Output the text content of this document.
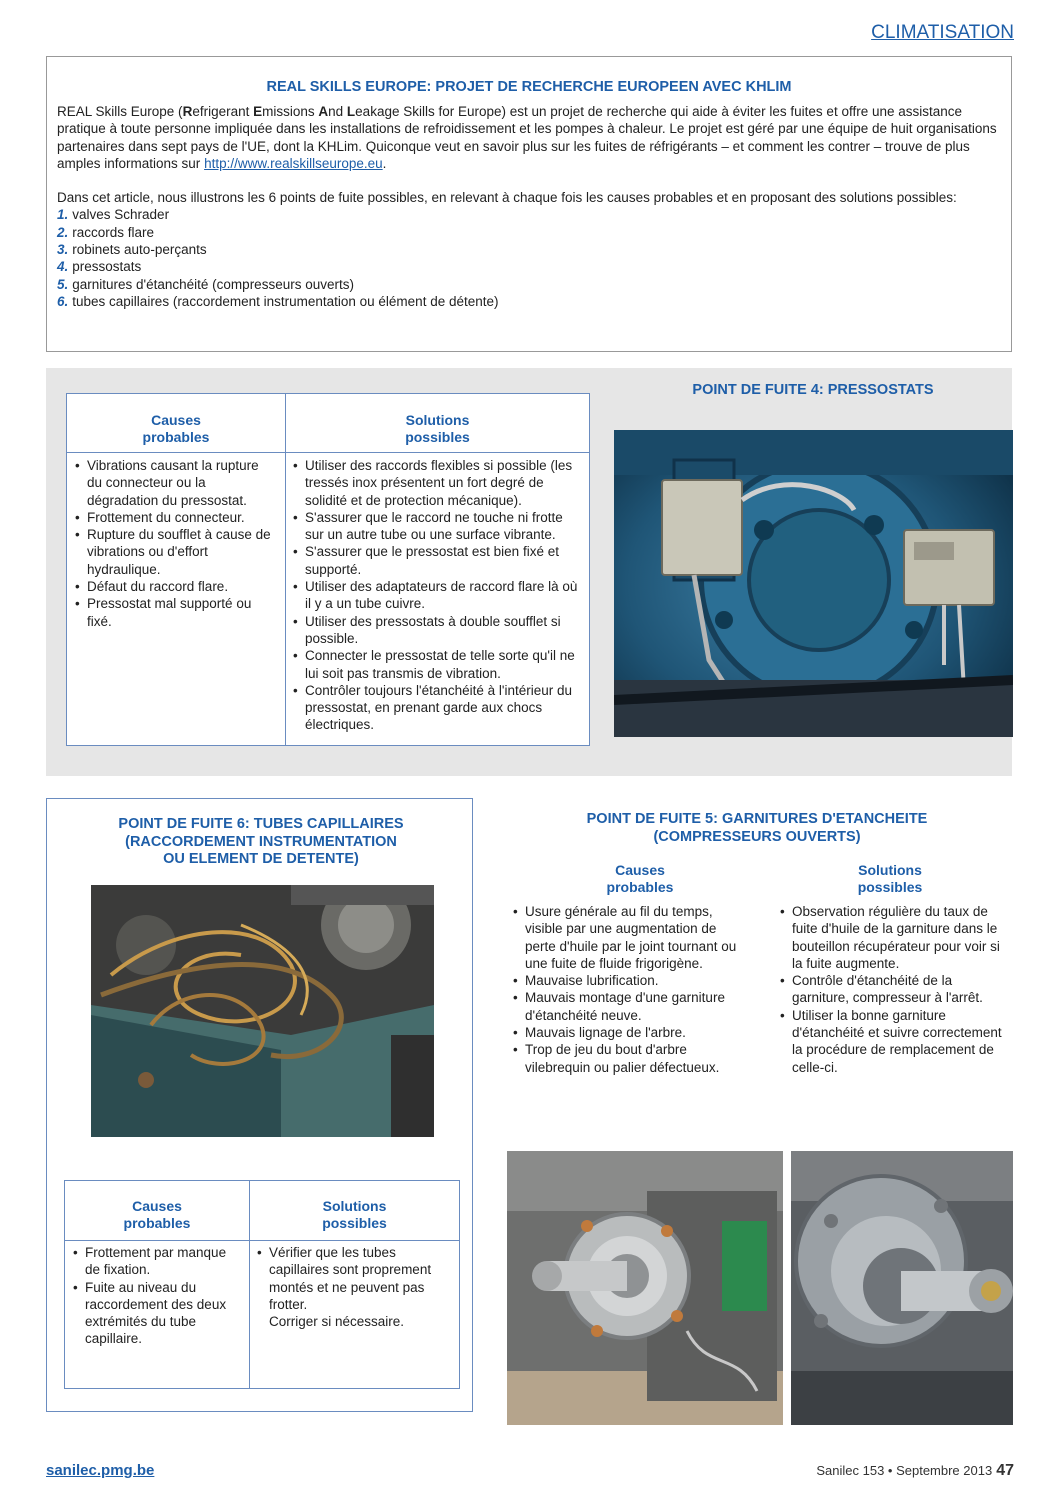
CLIMATISATION
REAL SKILLS EUROPE: PROJET DE RECHERCHE EUROPEEN AVEC KHLIM

REAL Skills Europe (Refrigerant Emissions And Leakage Skills for Europe) est un projet de recherche qui aide à éviter les fuites et offre une assistance pratique à toute personne impliquée dans les installations de refroidissement et les pompes à chaleur. Le projet est géré par une équipe de huit organisations partenaires dans sept pays de l'UE, dont la KHLim. Quiconque veut en savoir plus sur les fuites de réfrigérants – et comment les contrer – trouve de plus amples informations sur http://www.realskillseurope.eu.

Dans cet article, nous illustrons les 6 points de fuite possibles, en relevant à chaque fois les causes probables et en proposant des solutions possibles:

1. valves Schrader
2. raccords flare
3. robinets auto-perçants
4. pressostats
5. garnitures d'étanchéité (compresseurs ouverts)
6. tubes capillaires (raccordement instrumentation ou élément de détente)
Causes
probables
Solutions
possibles
• Vibrations causant la rupture du connecteur ou la dégradation du pressostat.
• Frottement du connecteur.
• Rupture du soufflet à cause de vibrations ou d'effort hydraulique.
• Défaut du raccord flare.
• Pressostat mal supporté ou fixé.
• Utiliser des raccords flexibles si possible (les tressés inox présentent un fort degré de solidité et de protection mécanique).
• S'assurer que le raccord ne touche ni frotte sur un autre tube ou une surface vibrante.
• S'assurer que le pressostat est bien fixé et supporté.
• Utiliser des adaptateurs de raccord flare là où il y a un tube cuivre.
• Utiliser des pressostats à double soufflet si possible.
• Connecter le pressostat de telle sorte qu'il ne lui soit pas transmis de vibration.
• Contrôler toujours l'étanchéité à l'intérieur du pressostat, en prenant garde aux chocs électriques.
POINT DE FUITE 4: PRESSOSTATS
POINT DE FUITE 6: TUBES CAPILLAIRES
(RACCORDEMENT INSTRUMENTATION
OU ELEMENT DE DETENTE)
Causes
probables
Solutions
possibles
• Frottement par manque de fixation.
• Fuite au niveau du raccordement des deux extrémités du tube capillaire.
• Vérifier que les tubes capillaires sont proprement montés et ne peuvent pas frotter.
Corriger si nécessaire.
POINT DE FUITE 5: GARNITURES D'ETANCHEITE
(COMPRESSEURS OUVERTS)
Causes
probables
Solutions
possibles
• Usure générale au fil du temps, visible par une augmentation de perte d'huile par le joint tournant ou une fuite de fluide frigorigène.
• Mauvaise lubrification.
• Mauvais montage d'une garniture d'étanchéité neuve.
• Mauvais lignage de l'arbre.
• Trop de jeu du bout d'arbre vilebrequin ou palier défectueux.
• Observation régulière du taux de fuite d'huile de la garniture dans le bouteillon récupérateur pour voir si la fuite augmente.
• Contrôle d'étanchéité de la garniture, compresseur à l'arrêt.
• Utiliser la bonne garniture d'étanchéité et suivre correctement la procédure de remplacement de celle-ci.
sanilec.pmg.be	Sanilec 153 • Septembre 2013 47
